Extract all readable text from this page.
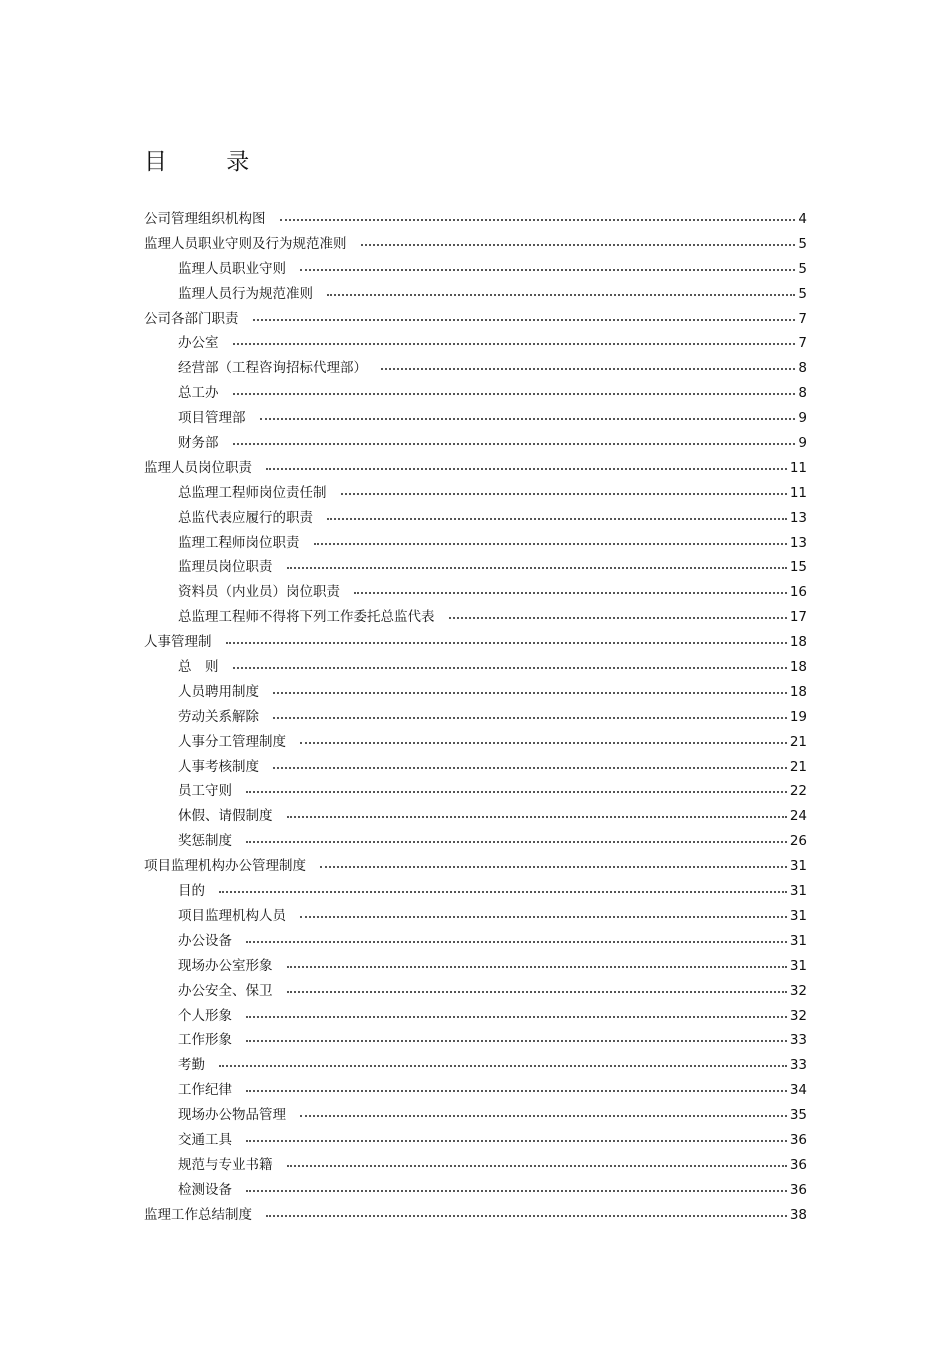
目 录
公司管理组织机构图	4
监理人员职业守则及行为规范准则	5
监理人员职业守则	5
监理人员行为规范准则	5
公司各部门职责	7
办公室	7
经营部（工程咨询招标代理部）	8
总工办	8
项目管理部	9
财务部	9
监理人员岗位职责	11
总监理工程师岗位责任制	11
总监代表应履行的职责	13
监理工程师岗位职责	13
监理员岗位职责	15
资料员（内业员）岗位职责	16
总监理工程师不得将下列工作委托总监代表	17
人事管理制	18
总　则	18
人员聘用制度	18
劳动关系解除	19
人事分工管理制度	21
人事考核制度	21
员工守则	22
休假、请假制度	24
奖惩制度	26
项目监理机构办公管理制度	31
目的	31
项目监理机构人员	31
办公设备	31
现场办公室形象	31
办公安全、保卫	32
个人形象	32
工作形象	33
考勤	33
工作纪律	34
现场办公物品管理	35
交通工具	36
规范与专业书籍	36
检测设备	36
监理工作总结制度	38
